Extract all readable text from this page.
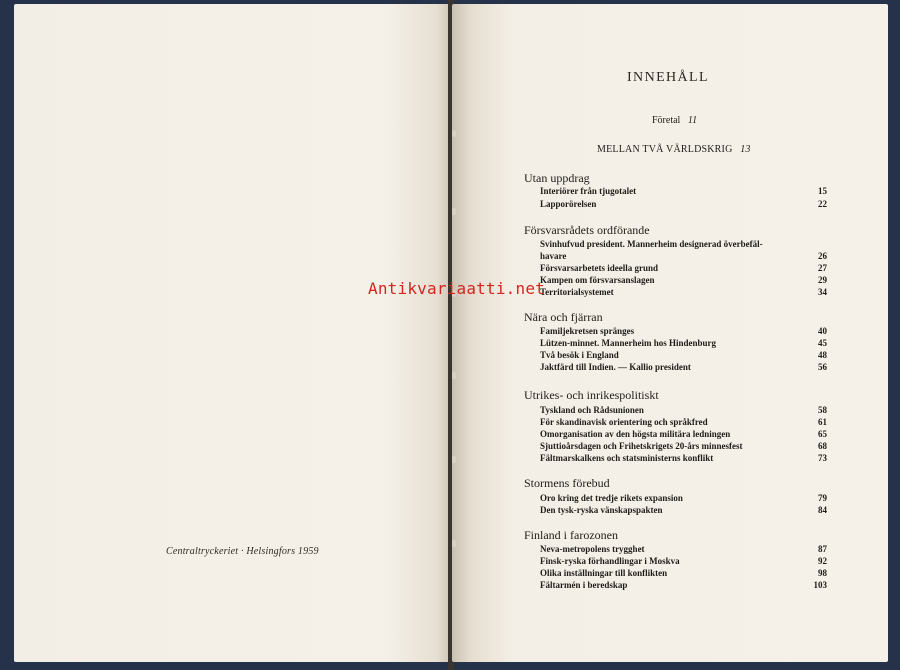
Centraltryckeriet · Helsingfors 1959
INNEHÅLL
Företal 11
MELLAN TVÅ VÄRLDSKRIG 13
Utan uppdrag
Interiörer från tjugotalet	15
Lapporörelsen	22
Försvarsrådets ordförande
Svinhufvud president. Mannerheim designerad överbefäl-
havare	26
Försvarsarbetets ideella grund	27
Kampen om försvarsanslagen	29
Territorialsystemet	34
Nära och fjärran
Familjekretsen spränges	40
Lützen-minnet. Mannerheim hos Hindenburg	45
Två besök i England	48
Jaktfärd till Indien. — Kallio president	56
Utrikes- och inrikespolitiskt
Tyskland och Rådsunionen	58
För skandinavisk orientering och språkfred	61
Omorganisation av den högsta militära ledningen	65
Sjuttioårsdagen och Frihetskrigets 20-års minnesfest	68
Fältmarskalkens och statsministerns konflikt	73
Stormens förebud
Oro kring det tredje rikets expansion	79
Den tysk-ryska vänskapspakten	84
Finland i farozonen
Neva-metropolens trygghet	87
Finsk-ryska förhandlingar i Moskva	92
Olika inställningar till konflikten	98
Fältarmén i beredskap	103
Antikvariaatti.net
